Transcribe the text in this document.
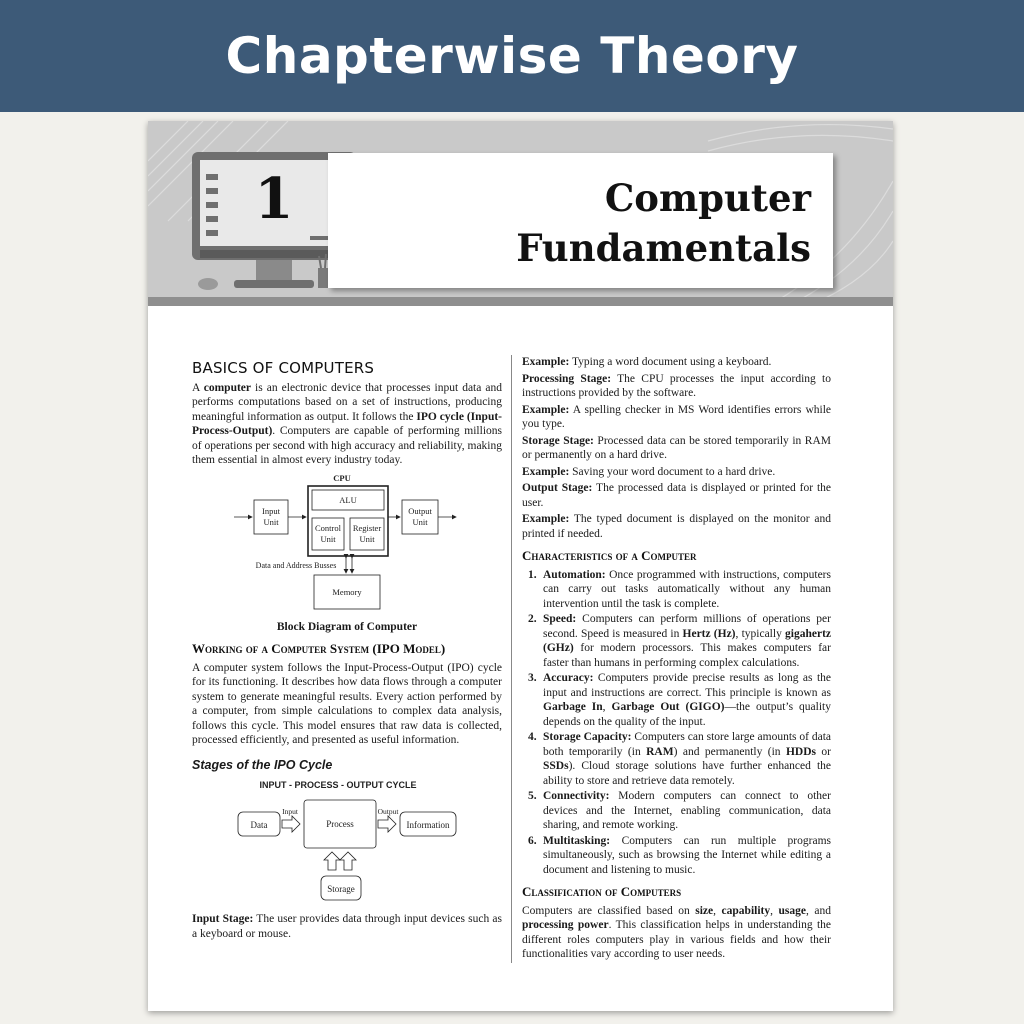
Chapterwise Theory
1	Computer
Fundamentals
BASICS OF COMPUTERS

A computer is an electronic device that processes input data and performs computations based on a set of instructions, producing meaningful information as output. It follows the IPO cycle (Input-Process-Output). Computers are capable of performing millions of operations per second with high accuracy and reliability, making them essential in almost every industry today.

CPU
ALU
Control
Unit
Register
Unit
Input
Unit
Output
Unit
Data and Address Busses
Memory
Block Diagram of Computer
Working of a Computer System (IPO Model)

A computer system follows the Input-Process-Output (IPO) cycle for its functioning. It describes how data flows through a computer system to generate meaningful results. Every action performed by a computer, from simple calculations to complex data analysis, follows this cycle. This model ensures that raw data is collected, processed efficiently, and presented as useful information.

Stages of the IPO Cycle
INPUT - PROCESS - OUTPUT CYCLE
Data
Input
Process
Output
Information
Storage

Input Stage: The user provides data through input devices such as a keyboard or mouse.

Example: Typing a word document using a keyboard.

Processing Stage: The CPU processes the input according to instructions provided by the software.

Example: A spelling checker in MS Word identifies errors while you type.

Storage Stage: Processed data can be stored temporarily in RAM or permanently on a hard drive.

Example: Saving your word document to a hard drive.

Output Stage: The processed data is displayed or printed for the user.

Example: The typed document is displayed on the monitor and printed if needed.

Characteristics of a Computer
1. Automation: Once programmed with instructions, computers can carry out tasks automatically without any human intervention until the task is complete.
2. Speed: Computers can perform millions of operations per second. Speed is measured in Hertz (Hz), typically gigahertz (GHz) for modern processors. This makes computers far faster than humans in performing complex calculations.
3. Accuracy: Computers provide precise results as long as the input and instructions are correct. This principle is known as Garbage In, Garbage Out (GIGO)—the output’s quality depends on the quality of the input.
4. Storage Capacity: Computers can store large amounts of data both temporarily (in RAM) and permanently (in HDDs or SSDs). Cloud storage solutions have further enhanced the ability to store and retrieve data remotely.
5. Connectivity: Modern computers can connect to other devices and the Internet, enabling communication, data sharing, and remote working.
6. Multitasking: Computers can run multiple programs simultaneously, such as browsing the Internet while editing a document and listening to music.
Classification of Computers

Computers are classified based on size, capability, usage, and processing power. This classification helps in understanding the different roles computers play in various fields and how their functionalities vary according to user needs.
